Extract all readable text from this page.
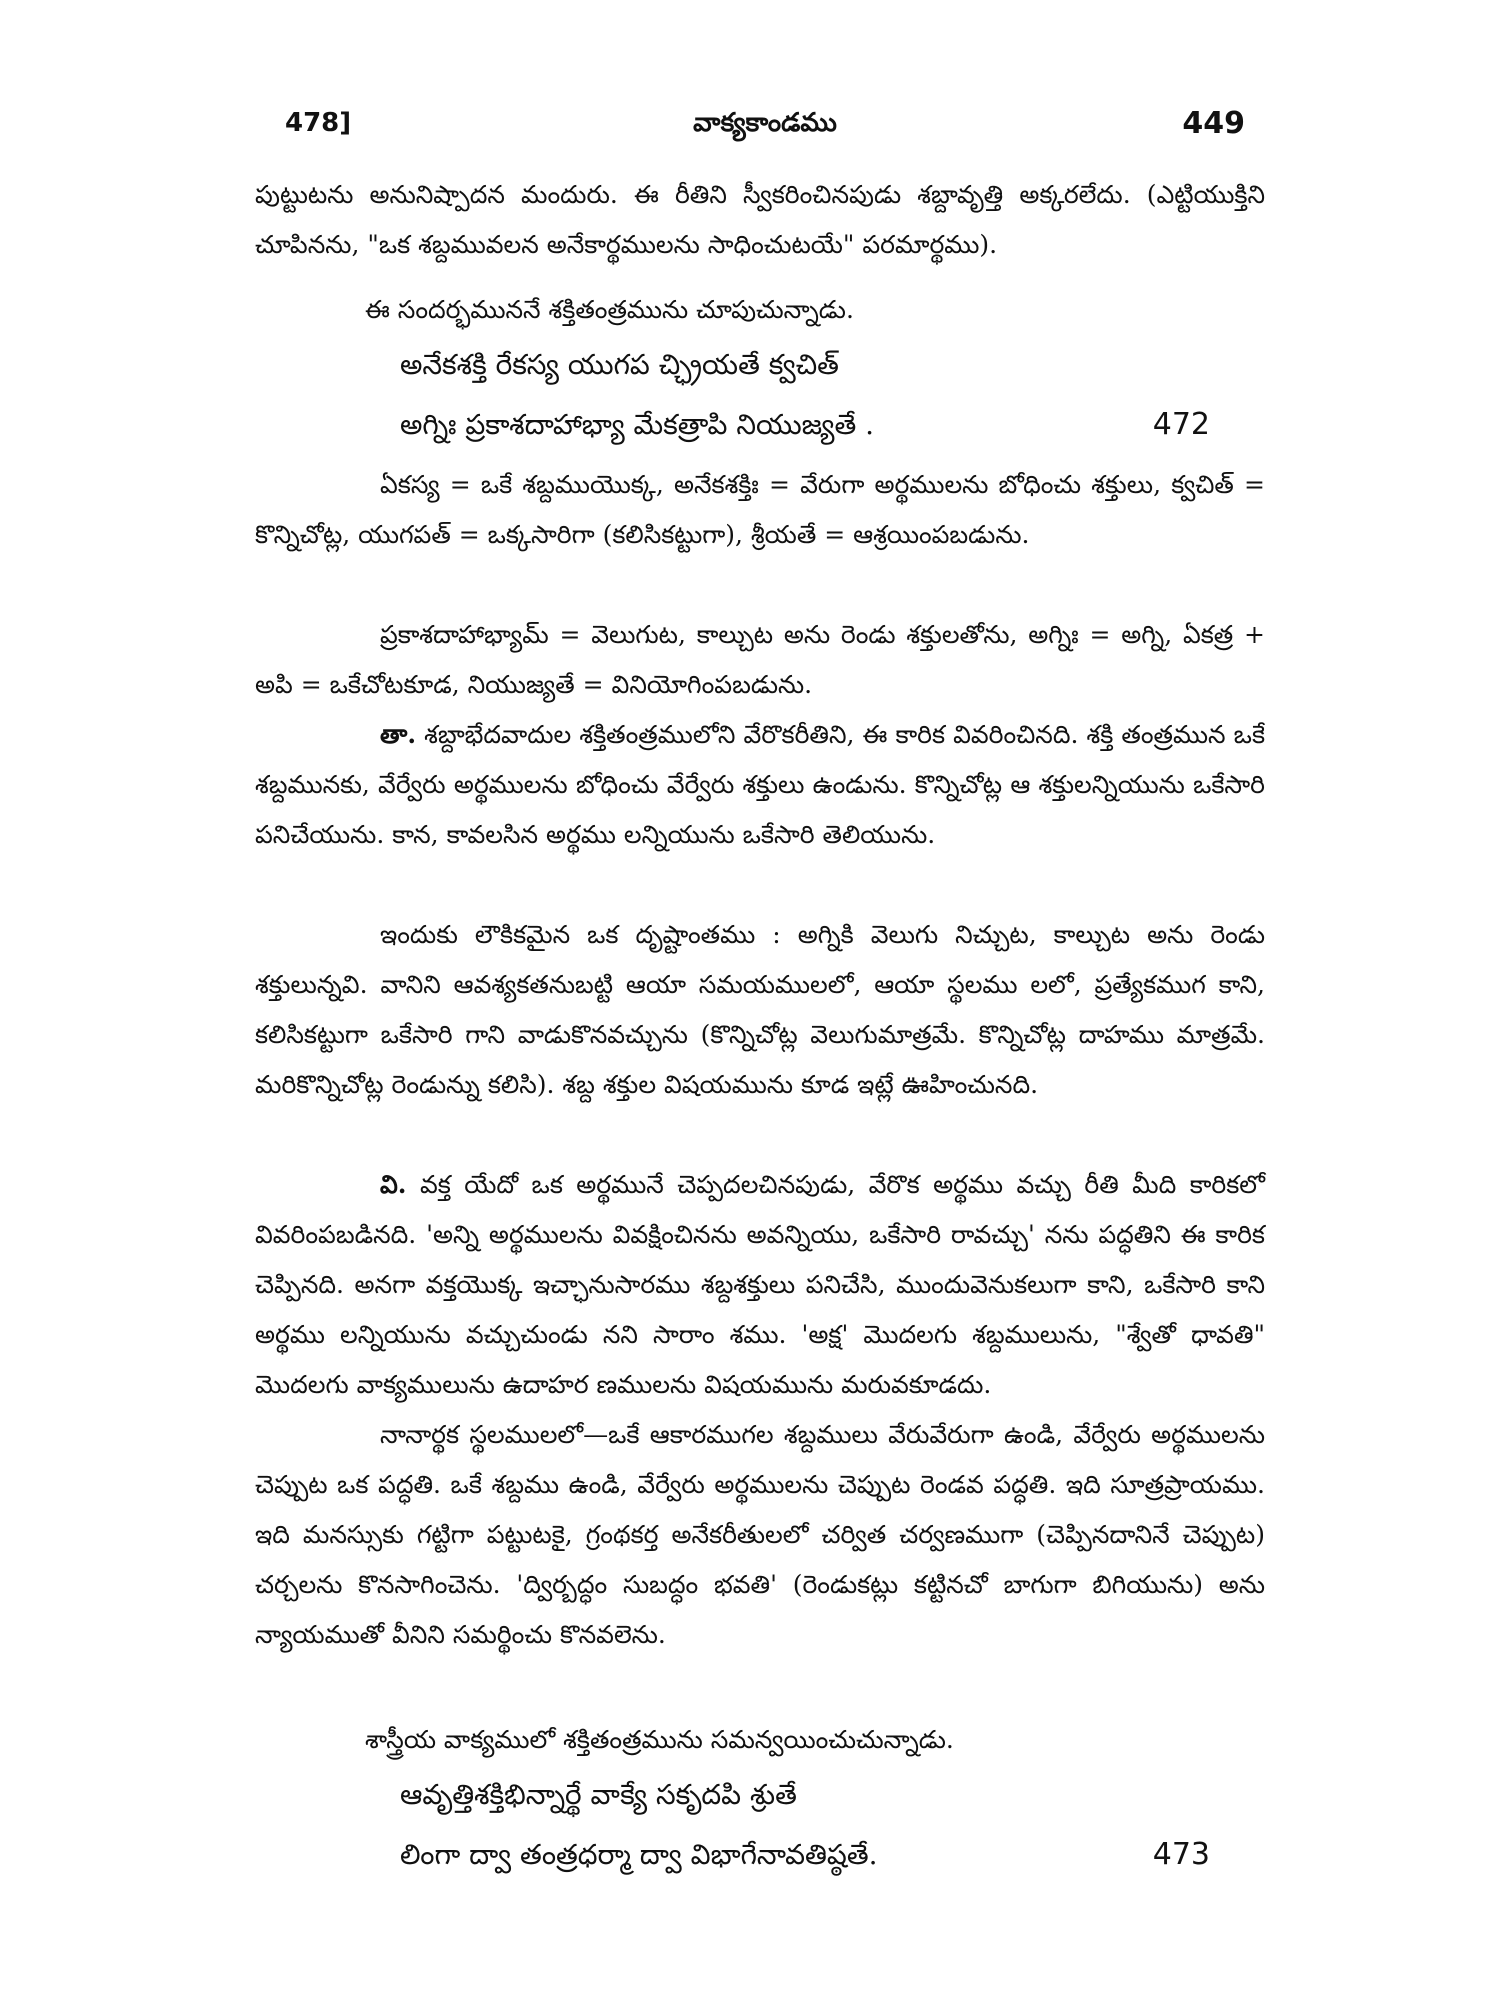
478]	వాక్యకాండము	449
పుట్టుటను అనునిష్పాదన మందురు. ఈ రీతిని స్వీకరించినపుడు శబ్దావృత్తి అక్కరలేదు. (ఎట్టియుక్తిని చూపినను, "ఒక శబ్దమువలన అనేకార్థములను సాధించుటయే" పరమార్థము).
ఈ సందర్భముననే శక్తితంత్రమును చూపుచున్నాడు.
అనేకశక్తి రేకస్య యుగప చ్ఛ్రియతే క్వచిత్
అగ్నిః ప్రకాశదాహాభ్యా మేకత్రాపి నియుజ్యతే .	472
ఏకస్య = ఒకే శబ్దముయొక్క, అనేకశక్తిః = వేరుగా అర్థములను బోధించు శక్తులు, క్వచిత్ = కొన్నిచోట్ల, యుగపత్ = ఒక్కసారిగా (కలిసికట్టుగా), శ్రీయతే = ఆశ్రయింపబడును.
ప్రకాశదాహాభ్యామ్ = వెలుగుట, కాల్చుట అను రెండు శక్తులతోను, అగ్నిః = అగ్ని, ఏకత్ర + అపి = ఒకేచోటకూడ, నియుజ్యతే = వినియోగింపబడును.
తా. శబ్దాభేదవాదుల శక్తితంత్రములోని వేరొకరీతిని, ఈ కారిక వివరించినది. శక్తి తంత్రమున ఒకే శబ్దమునకు, వేర్వేరు అర్థములను బోధించు వేర్వేరు శక్తులు ఉండును. కొన్నిచోట్ల ఆ శక్తులన్నియును ఒకేసారి పనిచేయును. కాన, కావలసిన అర్థము లన్నియును ఒకేసారి తెలియును.
ఇందుకు లౌకికమైన ఒక దృష్టాంతము : అగ్నికి వెలుగు నిచ్చుట, కాల్చుట అను రెండు శక్తులున్నవి. వానిని ఆవశ్యకతనుబట్టి ఆయా సమయములలో, ఆయా స్థలము లలో, ప్రత్యేకముగ కాని, కలిసికట్టుగా ఒకేసారి గాని వాడుకొనవచ్చును (కొన్నిచోట్ల వెలుగుమాత్రమే. కొన్నిచోట్ల దాహము మాత్రమే. మరికొన్నిచోట్ల రెండున్ను కలిసి). శబ్ద శక్తుల విషయమును కూడ ఇట్లే ఊహించునది.
వి. వక్త యేదో ఒక అర్థమునే చెప్పదలచినపుడు, వేరొక అర్థము వచ్చు రీతి మీది కారికలో వివరింపబడినది. 'అన్ని అర్థములను వివక్షించినను అవన్నియు, ఒకేసారి రావచ్చు' నను పద్ధతిని ఈ కారిక చెప్పినది. అనగా వక్తయొక్క ఇచ్ఛానుసారము శబ్దశక్తులు పనిచేసి, ముందువెనుకలుగా కాని, ఒకేసారి కాని అర్థము లన్నియును వచ్చుచుండు నని సారాం శము. 'అక్ష' మొదలగు శబ్దములును, "శ్వేతో ధావతి" మొదలగు వాక్యములును ఉదాహర ణములను విషయమును మరువకూడదు.
నానార్థక స్థలములలో—ఒకే ఆకారముగల శబ్దములు వేరువేరుగా ఉండి, వేర్వేరు అర్థములను చెప్పుట ఒక పద్ధతి. ఒకే శబ్దము ఉండి, వేర్వేరు అర్థములను చెప్పుట రెండవ పద్ధతి. ఇది సూత్రప్రాయము. ఇది మనస్సుకు గట్టిగా పట్టుటకై, గ్రంథకర్త అనేకరీతులలో చర్విత చర్వణముగా (చెప్పినదానినే చెప్పుట) చర్చలను కొనసాగించెను. 'ద్విర్బద్ధం సుబద్ధం భవతి' (రెండుకట్లు కట్టినచో బాగుగా బిగియును) అను న్యాయముతో వీనిని సమర్థించు కొనవలెను.
శాస్త్రీయ వాక్యములో శక్తితంత్రమును సమన్వయించుచున్నాడు.
ఆవృత్తిశక్తిభిన్నార్థే వాక్యే సకృదపి శ్రుతే
లింగా ద్వా తంత్రధర్మా ద్వా విభాగేనావతిష్ఠతే.	473
